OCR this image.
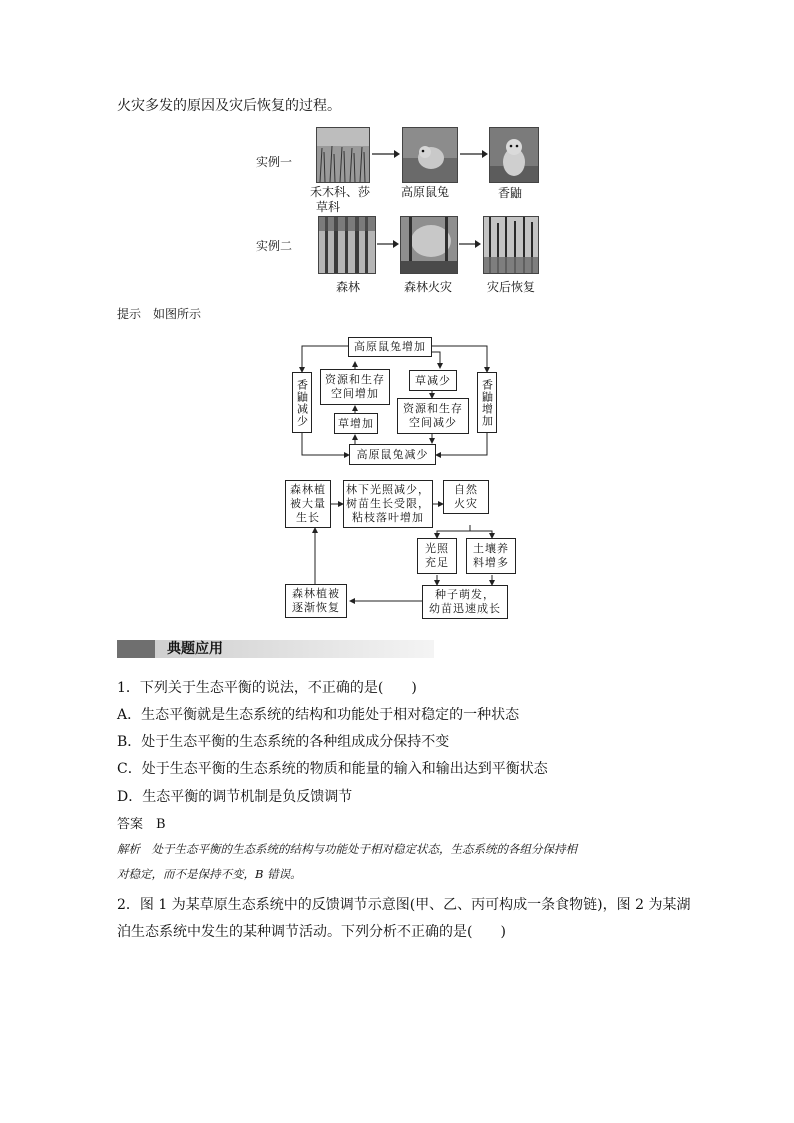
火灾多发的原因及灾后恢复的过程。
实例一
禾木科、莎
草科
高原鼠兔	香鼬
实例二
森林	森林火灾	灾后恢复
提示　如图所示
高原鼠兔增加
香鼬减少	香鼬增加
资源和生存
空间增加
草减少
草增加
资源和生存
空间减少
高原鼠兔减少
森林植
被大量
生长
林下光照减少，
树苗生长受限，
粘枝落叶增加
自然
火灾
光照
充足
土壤养
料增多
种子萌发，
幼苗迅速成长
森林植被
逐渐恢复
典题应用
1．下列关于生态平衡的说法，不正确的是(　　)
A．生态平衡就是生态系统的结构和功能处于相对稳定的一种状态
B．处于生态平衡的生态系统的各种组成成分保持不变
C．处于生态平衡的生态系统的物质和能量的输入和输出达到平衡状态
D．生态平衡的调节机制是负反馈调节
答案　B
解析　处于生态平衡的生态系统的结构与功能处于相对稳定状态，生态系统的各组分保持相
对稳定，而不是保持不变，B 错误。
2．图 1 为某草原生态系统中的反馈调节示意图(甲、乙、丙可构成一条食物链)，图 2 为某湖
泊生态系统中发生的某种调节活动。下列分析不正确的是(　　)
